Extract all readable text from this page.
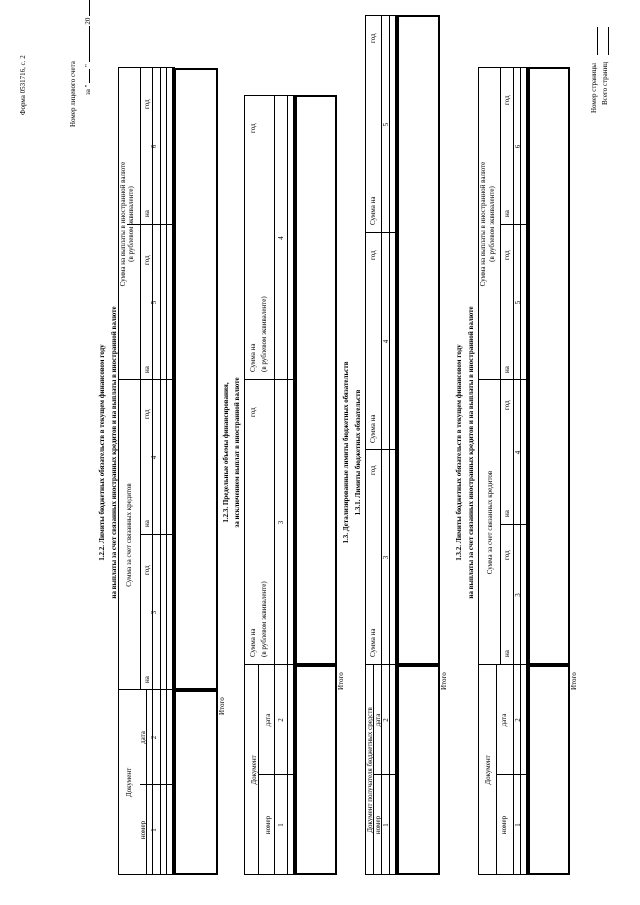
Форма 0531716, с. 2	Номер лицевого счета за "  "  20
1.2.2. Лимиты бюджетных обязательств в текущем финансовом году на выплаты за счет связанных иностранных кредитов и на выплаты в иностранной валюте
Документ
номер
дата
Сумма за счет связанных кредитов
Сумма на выплаты в иностранной валюте (в рублевом эквиваленте)
на
год
на
год
на
год
на
год
1
2
3
4
5
6
Итого
1.2.3. Предельные объемы финансирования, за исключением выплат в иностранной валюте
Документ
номер
дата
Сумма на
год
(в рублевом эквиваленте)
Сумма на
год
(в рублевом эквиваленте)
1
2
3
4
Итого
1.3. Детализированные лимиты бюджетных обязательств 1.3.1. Лимиты бюджетных обязательств
Документ получателя бюджетных средств номер
дата
Сумма на
год
Сумма на
год
Сумма на
год
1
2
3
4
5
Итого
1.3.2. Лимиты бюджетных обязательств в текущем финансовом году на выплаты за счет связанных иностранных кредитов и на выплаты в иностранной валюте
Документ
номер
дата
Сумма за счет связанных кредитов
Сумма на выплаты в иностранной валюте (в рублевом эквиваленте)
на
год
на
год
на
год
на
год
1
2
3
4
5
6
Итого
Номер страницы Всего страниц
